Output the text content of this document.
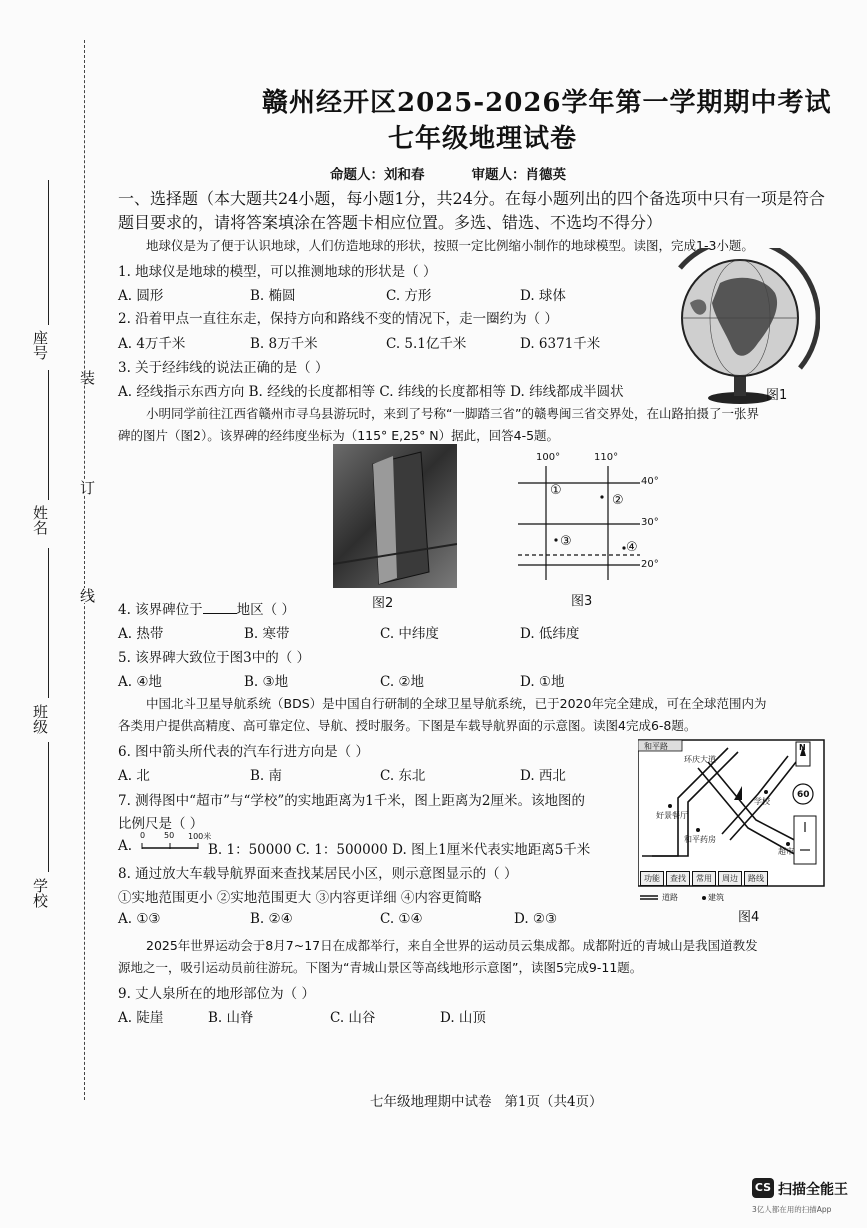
座号
姓名
班级
学校
装
订
线
赣州经开区2025-2026学年第一学期期中考试
七年级地理试卷
命题人：刘和春          审题人：肖德英
一、选择题（本大题共24小题，每小题1分，共24分。在每小题列出的四个备选项中只有一项是符合
题目要求的，请将答案填涂在答题卡相应位置。多选、错选、不选均不得分）
地球仪是为了便于认识地球，人们仿造地球的形状，按照一定比例缩小制作的地球模型。读图，完成1-3小题。
1. 地球仪是地球的模型，可以推测地球的形状是（ ）
A. 圆形	B. 椭圆	C. 方形	D. 球体
2. 沿着甲点一直往东走，保持方向和路线不变的情况下，走一圈约为（ ）
A. 4万千米	B. 8万千米	C. 5.1亿千米	D. 6371千米
3. 关于经纬线的说法正确的是（ ）
A. 经线指示东西方向 B. 经线的长度都相等 C. 纬线的长度都相等 D. 纬线都成半圆状	图1
小明同学前往江西省赣州市寻乌县游玩时，来到了号称“一脚踏三省”的赣粤闽三省交界处，在山路拍摄了一张界
碑的图片（图2）。该界碑的经纬度坐标为（115° E,25° N）据此，回答4-5题。
图2
100°	110°
40°
30°
20°
①
②
③	④
图3
4. 该界碑位于	地区（ ）
A. 热带	B. 寒带	C. 中纬度	D. 低纬度
5. 该界碑大致位于图3中的（ ）
A. ④地	B. ③地	C. ②地	D. ①地
中国北斗卫星导航系统（BDS）是中国自行研制的全球卫星导航系统，已于2020年完全建成，可在全球范围内为
各类用户提供高精度、高可靠定位、导航、授时服务。下图是车载导航界面的示意图。读图4完成6-8题。
6. 图中箭头所代表的汽车行进方向是（ ）
A. 北	B. 南	C. 东北	D. 西北
7. 测得图中“超市”与“学校”的实地距离为1千米，图上距离为2厘米。该地图的
比例尺是（ ）
A.
0 50 100米
B. 1：50000 C. 1：500000 D. 图上1厘米代表实地距离5千米
8. 通过放大车载导航界面来查找某居民小区，则示意图显示的（ ）
①实地范围更小 ②实地范围更大 ③内容更详细 ④内容更简略
A. ①③	B. ②④	C. ①④	D. ②③
和平路
环庆大道
好景餐厅
和平药房
学校
超市
N
60
功能	查找	常用	周边	路线
道路	建筑
图4
2025年世界运动会于8月7~17日在成都举行，来自全世界的运动员云集成都。成都附近的青城山是我国道教发
源地之一，吸引运动员前往游玩。下图为“青城山景区等高线地形示意图”，读图5完成9-11题。
9. 丈人泉所在的地形部位为（ ）
A. 陡崖	B. 山脊	C. 山谷	D. 山顶
七年级地理期中试卷   第1页（共4页）
CS 扫描全能王
3亿人都在用的扫描App
